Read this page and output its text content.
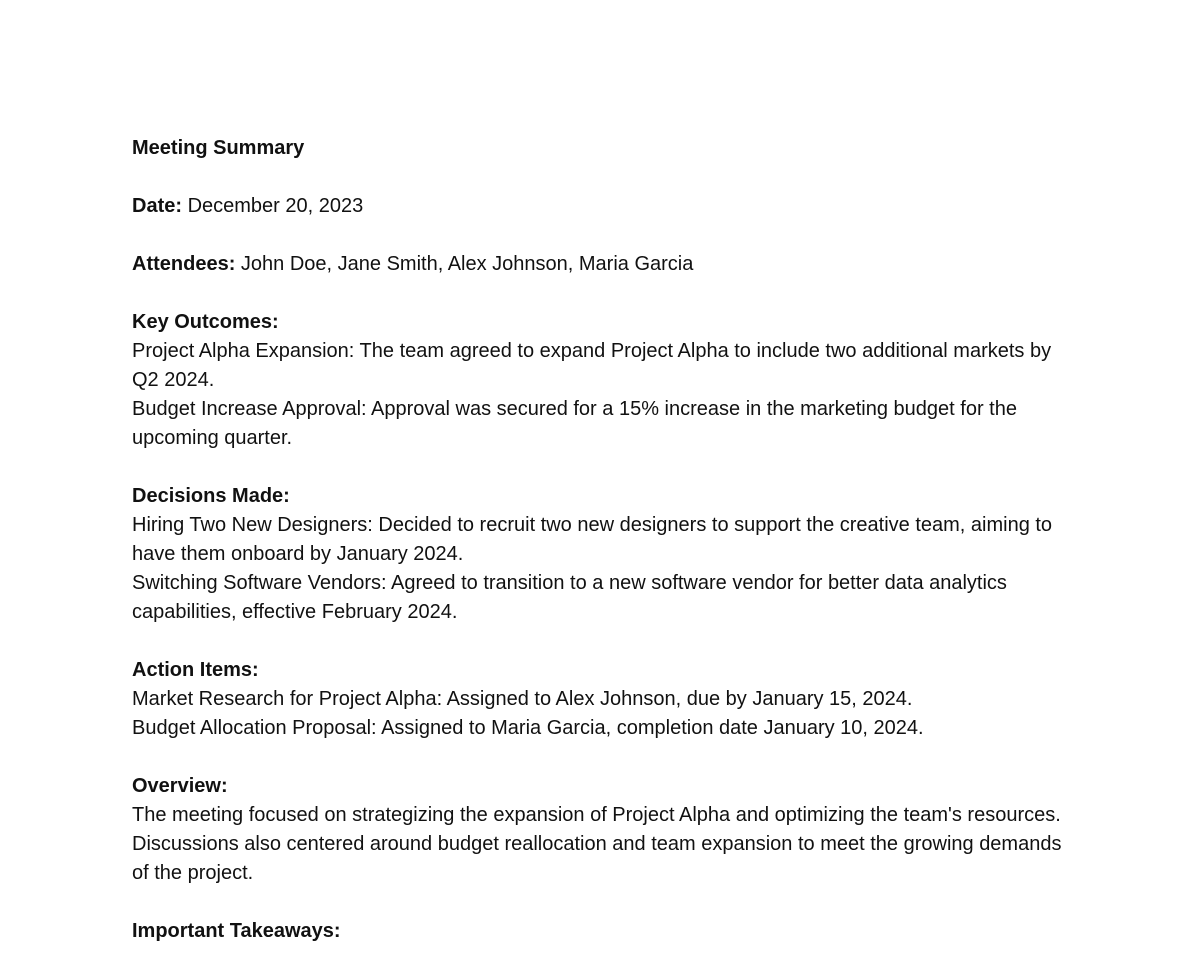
Meeting Summary
Date: December 20, 2023
Attendees: John Doe, Jane Smith, Alex Johnson, Maria Garcia
Key Outcomes:
Project Alpha Expansion: The team agreed to expand Project Alpha to include two additional markets by Q2 2024.
Budget Increase Approval: Approval was secured for a 15% increase in the marketing budget for the upcoming quarter.
Decisions Made:
Hiring Two New Designers: Decided to recruit two new designers to support the creative team, aiming to have them onboard by January 2024.
Switching Software Vendors: Agreed to transition to a new software vendor for better data analytics capabilities, effective February 2024.
Action Items:
Market Research for Project Alpha: Assigned to Alex Johnson, due by January 15, 2024.
Budget Allocation Proposal: Assigned to Maria Garcia, completion date January 10, 2024.
Overview:
The meeting focused on strategizing the expansion of Project Alpha and optimizing the team's resources. Discussions also centered around budget reallocation and team expansion to meet the growing demands of the project.
Important Takeaways:
